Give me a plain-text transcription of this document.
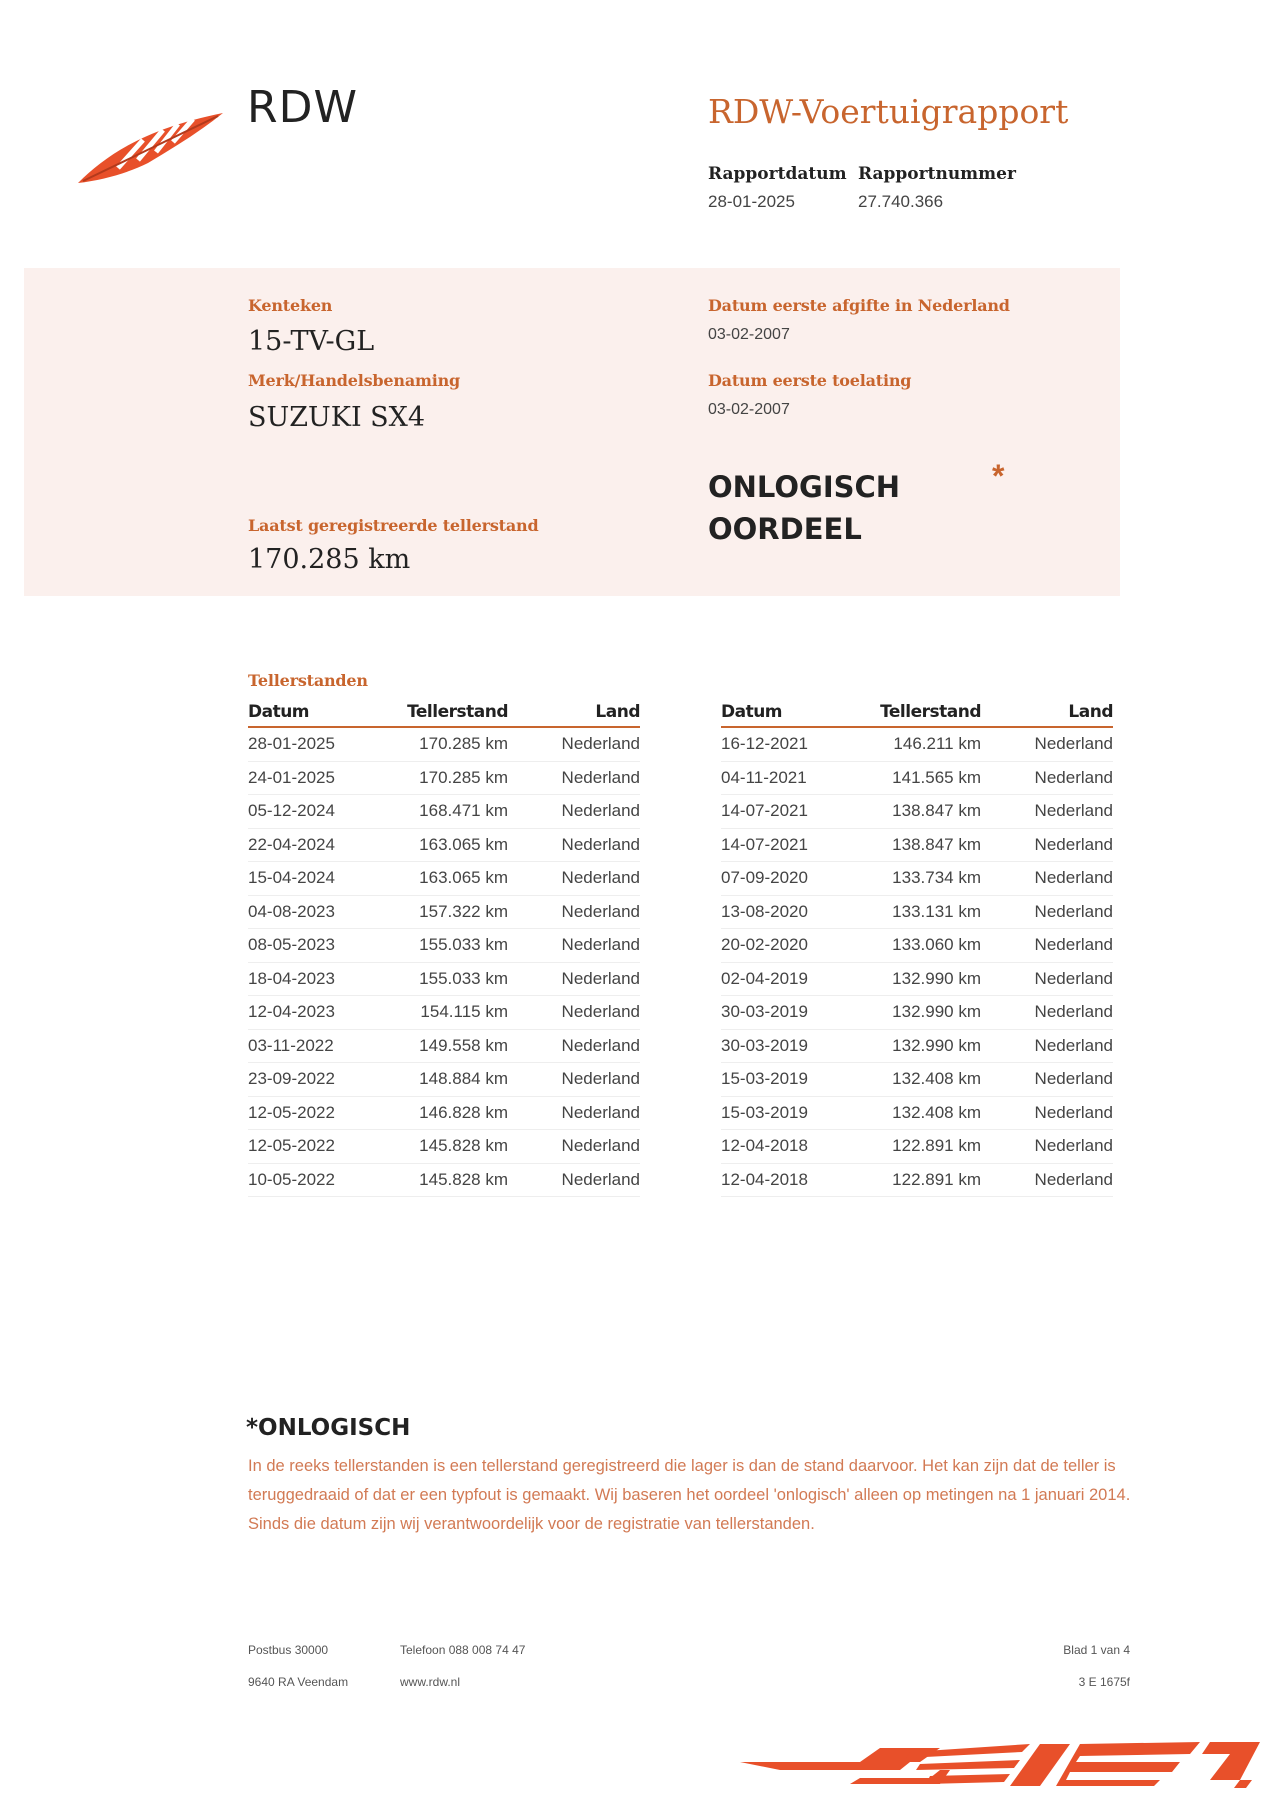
RDW	RDW-Voertuigrapport
Rapportdatum
28-01-2025
Rapportnummer
27.740.366
Kenteken
15-TV-GL
Merk/Handelsbenaming
SUZUKI SX4
Laatst geregistreerde tellerstand
170.285 km
Datum eerste afgifte in Nederland
03-02-2007
Datum eerste toelating
03-02-2007
ONLOGISCH
OORDEEL
*
Tellerstanden
Datum	Tellerstand	Land
28-01-2025	170.285 km	Nederland
24-01-2025	170.285 km	Nederland
05-12-2024	168.471 km	Nederland
22-04-2024	163.065 km	Nederland
15-04-2024	163.065 km	Nederland
04-08-2023	157.322 km	Nederland
08-05-2023	155.033 km	Nederland
18-04-2023	155.033 km	Nederland
12-04-2023	154.115 km	Nederland
03-11-2022	149.558 km	Nederland
23-09-2022	148.884 km	Nederland
12-05-2022	146.828 km	Nederland
12-05-2022	145.828 km	Nederland
10-05-2022	145.828 km	Nederland
Datum	Tellerstand	Land
16-12-2021	146.211 km	Nederland
04-11-2021	141.565 km	Nederland
14-07-2021	138.847 km	Nederland
14-07-2021	138.847 km	Nederland
07-09-2020	133.734 km	Nederland
13-08-2020	133.131 km	Nederland
20-02-2020	133.060 km	Nederland
02-04-2019	132.990 km	Nederland
30-03-2019	132.990 km	Nederland
30-03-2019	132.990 km	Nederland
15-03-2019	132.408 km	Nederland
15-03-2019	132.408 km	Nederland
12-04-2018	122.891 km	Nederland
12-04-2018	122.891 km	Nederland
*ONLOGISCH
In de reeks tellerstanden is een tellerstand geregistreerd die lager is dan de stand daarvoor. Het kan zijn dat de teller is teruggedraaid of dat er een typfout is gemaakt. Wij baseren het oordeel 'onlogisch' alleen op metingen na 1 januari 2014. Sinds die datum zijn wij verantwoordelijk voor de registratie van tellerstanden.
Postbus 30000
9640 RA Veendam
Telefoon 088 008 74 47
www.rdw.nl
Blad 1 van 4
3 E 1675f
